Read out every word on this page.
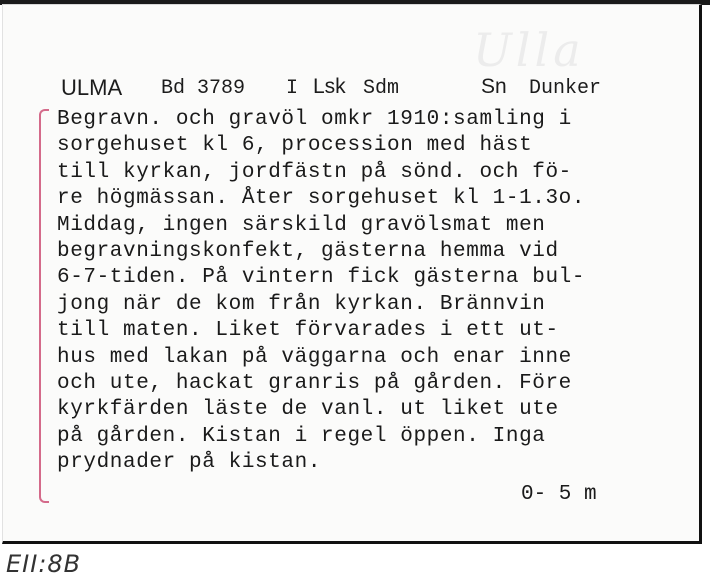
Ulla
ULMA Bd 3789 I Lsk Sdm	Sn Dunker
Begravn. och gravöl omkr 1910:samling i
sorgehuset kl 6, procession med häst
till kyrkan, jordfästn på sönd. och fö-
re högmässan. Åter sorgehuset kl 1-1.3o.
Middag, ingen särskild gravölsmat men
begravningskonfekt, gästerna hemma vid
6-7-tiden. På vintern fick gästerna bul-
jong när de kom från kyrkan. Brännvin
till maten. Liket förvarades i ett ut-
hus med lakan på väggarna och enar inne
och ute, hackat granris på gården. Före
kyrkfärden läste de vanl. ut liket ute
på gården. Kistan i regel öppen. Inga
prydnader på kistan.
0- 5 m
EII:8B
